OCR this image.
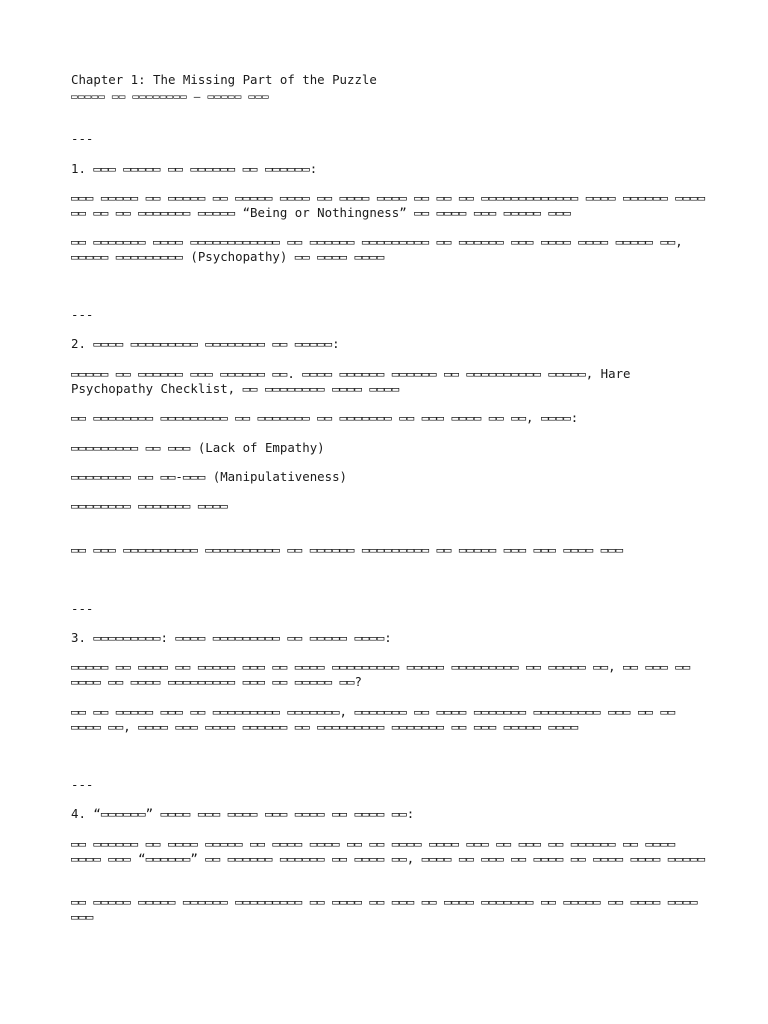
Chapter 1: The Missing Part of the Puzzle

▭▭▭▭▭ ▭▭ ▭▭▭▭▭▭▭▭ – ▭▭▭▭▭ ▭▭▭

---

1. ▭▭▭ ▭▭▭▭▭ ▭▭ ▭▭▭▭▭▭ ▭▭ ▭▭▭▭▭▭:

▭▭▭ ▭▭▭▭▭ ▭▭ ▭▭▭▭▭ ▭▭ ▭▭▭▭▭ ▭▭▭▭ ▭▭ ▭▭▭▭ ▭▭▭▭ ▭▭ ▭▭ ▭▭ ▭▭▭▭▭▭▭▭▭▭▭▭▭ ▭▭▭▭ ▭▭▭▭▭▭ ▭▭▭▭ ▭▭ ▭▭ ▭▭ ▭▭▭▭▭▭▭ ▭▭▭▭▭ “Being or Nothingness” ▭▭ ▭▭▭▭ ▭▭▭ ▭▭▭▭▭ ▭▭▭

▭▭ ▭▭▭▭▭▭▭ ▭▭▭▭ ▭▭▭▭▭▭▭▭▭▭▭▭ ▭▭ ▭▭▭▭▭▭ ▭▭▭▭▭▭▭▭▭ ▭▭ ▭▭▭▭▭▭ ▭▭▭ ▭▭▭▭ ▭▭▭▭ ▭▭▭▭▭ ▭▭, ▭▭▭▭▭ ▭▭▭▭▭▭▭▭▭ (Psychopathy) ▭▭ ▭▭▭▭ ▭▭▭▭

---

2. ▭▭▭▭ ▭▭▭▭▭▭▭▭▭ ▭▭▭▭▭▭▭▭ ▭▭ ▭▭▭▭▭:

▭▭▭▭▭ ▭▭ ▭▭▭▭▭▭ ▭▭▭ ▭▭▭▭▭▭ ▭▭. ▭▭▭▭ ▭▭▭▭▭▭ ▭▭▭▭▭▭ ▭▭ ▭▭▭▭▭▭▭▭▭▭ ▭▭▭▭▭, Hare Psychopathy Checklist, ▭▭ ▭▭▭▭▭▭▭▭ ▭▭▭▭ ▭▭▭▭

▭▭ ▭▭▭▭▭▭▭▭ ▭▭▭▭▭▭▭▭▭ ▭▭ ▭▭▭▭▭▭▭ ▭▭ ▭▭▭▭▭▭▭ ▭▭ ▭▭▭ ▭▭▭▭ ▭▭ ▭▭, ▭▭▭▭:

▭▭▭▭▭▭▭▭▭ ▭▭ ▭▭▭ (Lack of Empathy)

▭▭▭▭▭▭▭▭ ▭▭ ▭▭-▭▭▭ (Manipulativeness)

▭▭▭▭▭▭▭▭ ▭▭▭▭▭▭▭ ▭▭▭▭

▭▭ ▭▭▭ ▭▭▭▭▭▭▭▭▭▭ ▭▭▭▭▭▭▭▭▭▭ ▭▭ ▭▭▭▭▭▭ ▭▭▭▭▭▭▭▭▭ ▭▭ ▭▭▭▭▭ ▭▭▭ ▭▭▭ ▭▭▭▭ ▭▭▭

---

3. ▭▭▭▭▭▭▭▭▭: ▭▭▭▭ ▭▭▭▭▭▭▭▭▭ ▭▭ ▭▭▭▭▭ ▭▭▭▭:

▭▭▭▭▭ ▭▭ ▭▭▭▭ ▭▭ ▭▭▭▭▭ ▭▭▭ ▭▭ ▭▭▭▭ ▭▭▭▭▭▭▭▭▭ ▭▭▭▭▭ ▭▭▭▭▭▭▭▭▭ ▭▭ ▭▭▭▭▭ ▭▭, ▭▭ ▭▭▭ ▭▭ ▭▭▭▭ ▭▭ ▭▭▭▭ ▭▭▭▭▭▭▭▭▭ ▭▭▭ ▭▭ ▭▭▭▭▭ ▭▭?

▭▭ ▭▭ ▭▭▭▭▭ ▭▭▭ ▭▭ ▭▭▭▭▭▭▭▭▭ ▭▭▭▭▭▭▭, ▭▭▭▭▭▭▭ ▭▭ ▭▭▭▭ ▭▭▭▭▭▭▭ ▭▭▭▭▭▭▭▭▭ ▭▭▭ ▭▭ ▭▭ ▭▭▭▭ ▭▭, ▭▭▭▭ ▭▭▭ ▭▭▭▭ ▭▭▭▭▭▭ ▭▭ ▭▭▭▭▭▭▭▭▭ ▭▭▭▭▭▭▭ ▭▭ ▭▭▭ ▭▭▭▭▭ ▭▭▭▭

---

4. “▭▭▭▭▭▭” ▭▭▭▭ ▭▭▭ ▭▭▭▭ ▭▭▭ ▭▭▭▭ ▭▭ ▭▭▭▭ ▭▭:

▭▭ ▭▭▭▭▭▭ ▭▭ ▭▭▭▭ ▭▭▭▭▭ ▭▭ ▭▭▭▭ ▭▭▭▭ ▭▭ ▭▭ ▭▭▭▭ ▭▭▭▭ ▭▭▭ ▭▭ ▭▭▭ ▭▭ ▭▭▭▭▭▭ ▭▭ ▭▭▭▭ ▭▭▭▭ ▭▭▭ “▭▭▭▭▭▭” ▭▭ ▭▭▭▭▭▭ ▭▭▭▭▭▭ ▭▭ ▭▭▭▭ ▭▭, ▭▭▭▭ ▭▭ ▭▭▭ ▭▭ ▭▭▭▭ ▭▭ ▭▭▭▭ ▭▭▭▭ ▭▭▭▭▭

▭▭ ▭▭▭▭▭ ▭▭▭▭▭ ▭▭▭▭▭▭ ▭▭▭▭▭▭▭▭▭ ▭▭ ▭▭▭▭ ▭▭ ▭▭▭ ▭▭ ▭▭▭▭ ▭▭▭▭▭▭▭ ▭▭ ▭▭▭▭▭ ▭▭ ▭▭▭▭ ▭▭▭▭ ▭▭▭
